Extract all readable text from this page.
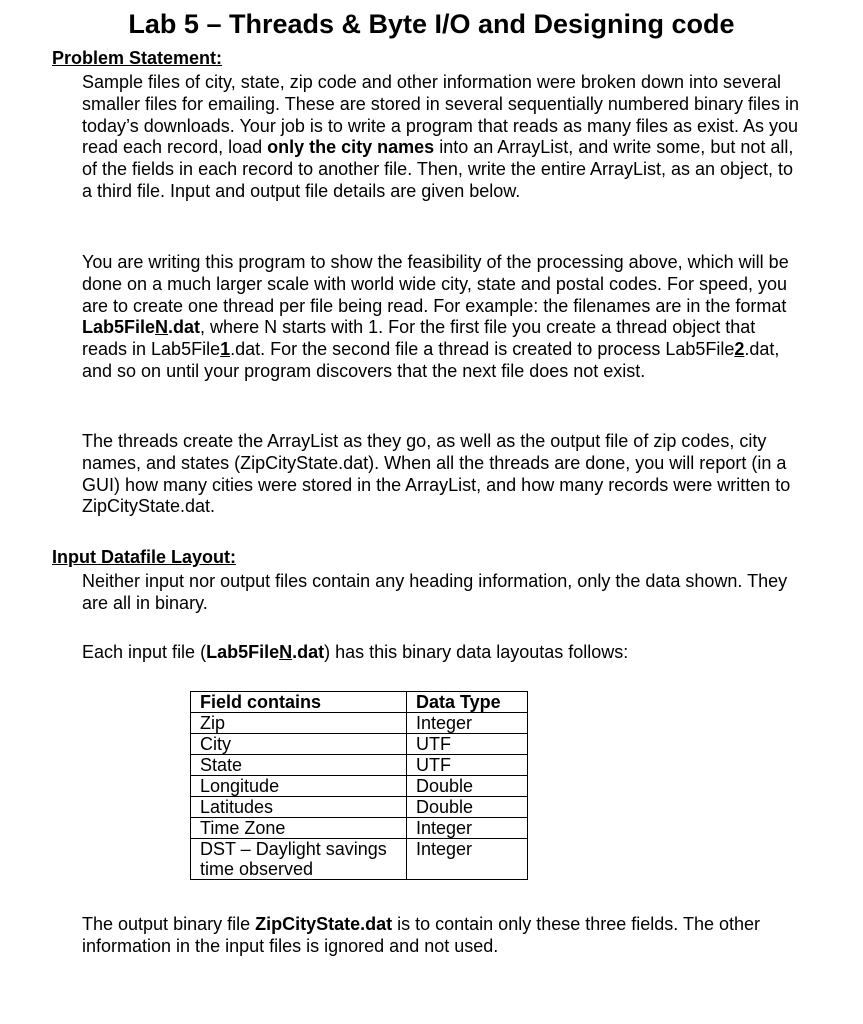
Lab 5 – Threads & Byte I/O and Designing code
Problem Statement:

Sample files of city, state, zip code and other information were broken down into several smaller files for emailing. These are stored in several sequentially numbered binary files in today’s downloads. Your job is to write a program that reads as many files as exist. As you read each record, load only the city names into an ArrayList, and write some, but not all, of the fields in each record to another file. Then, write the entire ArrayList, as an object, to a third file. Input and output file details are given below.

You are writing this program to show the feasibility of the processing above, which will be done on a much larger scale with world wide city, state and postal codes. For speed, you are to create one thread per file being read. For example: the filenames are in the format Lab5FileN.dat, where N starts with 1. For the first file you create a thread object that reads in Lab5File1.dat. For the second file a thread is created to process Lab5File2.dat, and so on until your program discovers that the next file does not exist.

The threads create the ArrayList as they go, as well as the output file of zip codes, city names, and states (ZipCityState.dat). When all the threads are done, you will report (in a GUI) how many cities were stored in the ArrayList, and how many records were written to ZipCityState.dat.

Input Datafile Layout:

Neither input nor output files contain any heading information, only the data shown. They are all in binary.

Each input file (Lab5FileN.dat) has this binary data layoutas follows:

Field contains	Data Type
Zip	Integer
City	UTF
State	UTF
Longitude	Double
Latitudes	Double
Time Zone	Integer
DST – Daylight savings time observed	Integer

The output binary file ZipCityState.dat is to contain only these three fields. The other information in the input files is ignored and not used.
